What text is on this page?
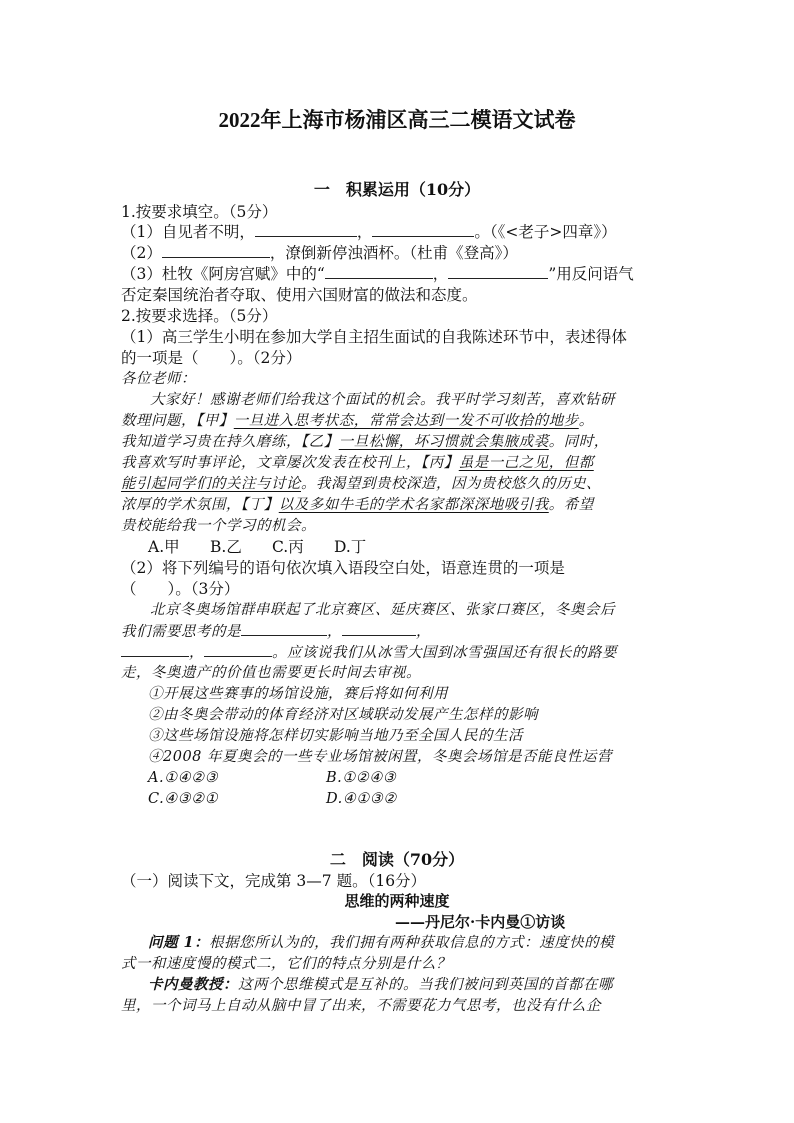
2022年上海市杨浦区高三二模语文试卷
一　积累运用（10分）
1.按要求填空。（5分）
（1）自见者不明，	，	。（《<老子>四章》）
（2）	，潦倒新停浊酒杯。（杜甫《登高》）
（3）杜牧《阿房宫赋》中的“	，	”用反问语气
否定秦国统治者夺取、使用六国财富的做法和态度。
2.按要求选择。（5分）
（1）高三学生小明在参加大学自主招生面试的自我陈述环节中，表述得体
的一项是（　　）。（2分）
各位老师：
大家好！感谢老师们给我这个面试的机会。我平时学习刻苦，喜欢钻研
数理问题，【甲】一旦进入思考状态，常常会达到一发不可收拾的地步。
我知道学习贵在持久磨练，【乙】一旦松懈，坏习惯就会集腋成裘。同时，
我喜欢写时事评论，文章屡次发表在校刊上，【丙】虽是一己之见，但都
能引起同学们的关注与讨论。我渴望到贵校深造，因为贵校悠久的历史、
浓厚的学术氛围，【丁】以及多如牛毛的学术名家都深深地吸引我。希望
贵校能给我一个学习的机会。
A.甲 B.乙 C.丙 D.丁
（2）将下列编号的语句依次填入语段空白处，语意连贯的一项是
（　　）。（3分）
北京冬奥场馆群串联起了北京赛区、延庆赛区、张家口赛区，冬奥会后
我们需要思考的是	，	，
，	。应该说我们从冰雪大国到冰雪强国还有很长的路要
走，冬奥遗产的价值也需要更长时间去审视。
①开展这些赛事的场馆设施，赛后将如何利用
②由冬奥会带动的体育经济对区域联动发展产生怎样的影响
③这些场馆设施将怎样切实影响当地乃至全国人民的生活
④2008 年夏奥会的一些专业场馆被闲置，冬奥会场馆是否能良性运营
A.①④②③	B.①②④③
C.④③②①	D.④①③②
二　阅读（70分）
（一）阅读下文，完成第 3—7 题。（16分）
思维的两种速度
——丹尼尔·卡内曼①访谈
问题 1：根据您所认为的，我们拥有两种获取信息的方式：速度快的模
式一和速度慢的模式二，它们的特点分别是什么？
卡内曼教授：这两个思维模式是互补的。当我们被问到英国的首都在哪
里，一个词马上自动从脑中冒了出来，不需要花力气思考，也没有什么企
